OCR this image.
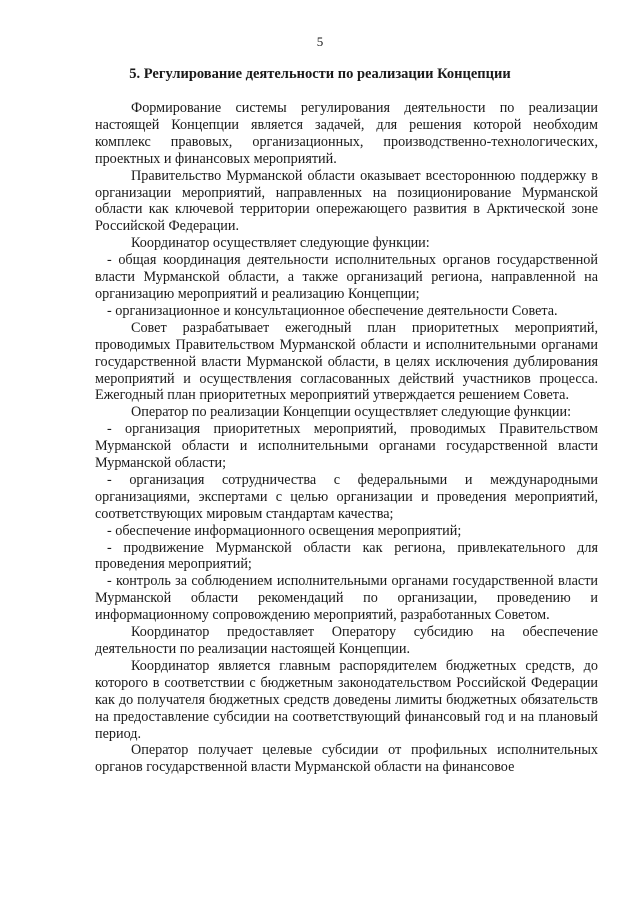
5
5. Регулирование деятельности по реализации Концепции

Формирование системы регулирования деятельности по реализации настоящей Концепции является задачей, для решения которой необходим комплекс правовых, организационных, производственно-технологических, проектных и финансовых мероприятий.

Правительство Мурманской области оказывает всестороннюю поддержку в организации мероприятий, направленных на позиционирование Мурманской области как ключевой территории опережающего развития в Арктической зоне Российской Федерации.

Координатор осуществляет следующие функции:

- общая координация деятельности исполнительных органов государственной власти Мурманской области, а также организаций региона, направленной на организацию мероприятий и реализацию Концепции;

- организационное и консультационное обеспечение деятельности Совета.

Совет разрабатывает ежегодный план приоритетных мероприятий, проводимых Правительством Мурманской области и исполнительными органами государственной власти Мурманской области, в целях исключения дублирования мероприятий и осуществления согласованных действий участников процесса. Ежегодный план приоритетных мероприятий утверждается решением Совета.

Оператор по реализации Концепции осуществляет следующие функции:

- организация приоритетных мероприятий, проводимых Правительством Мурманской области и исполнительными органами государственной власти Мурманской области;

- организация сотрудничества с федеральными и международными организациями, экспертами с целью организации и проведения мероприятий, соответствующих мировым стандартам качества;

- обеспечение информационного освещения мероприятий;

- продвижение Мурманской области как региона, привлекательного для проведения мероприятий;

- контроль за соблюдением исполнительными органами государственной власти Мурманской области рекомендаций по организации, проведению и информационному сопровождению мероприятий, разработанных Советом.

Координатор предоставляет Оператору субсидию на обеспечение деятельности по реализации настоящей Концепции.

Координатор является главным распорядителем бюджетных средств, до которого в соответствии с бюджетным законодательством Российской Федерации как до получателя бюджетных средств доведены лимиты бюджетных обязательств на предоставление субсидии на соответствующий финансовый год и на плановый период.

Оператор получает целевые субсидии от профильных исполнительных органов государственной власти Мурманской области на финансовое
